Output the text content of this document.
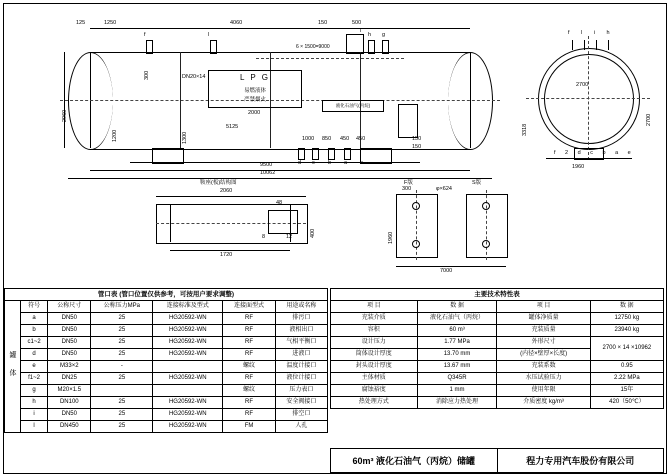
L P G
易燃液体
严禁烟火
液化石油气(丙烷)
6 × 1500=9000
1250	4060	500
150
125
f	l
i
h g
d c b a e
2960
300
1200	1300
DN20×14
5125
2000
9500
10062
1000 850 450 450	150
150
f l i h
f 2 d c b a e
3318
2700
1960
2700
鞍座(板)结构图
2060
1720
400
48
8	12
F版	S版
300	φ×624
1960
7000
管口表 (管口位置仅供参考，可按用户要求调整)						
罐 体	符号	公称尺寸	公称压力MPa	连接标准及型式	连接面型式	用途或名称
	a	DN50	25	HG20592-WN	RF	排污口
	b	DN50	25	HG20592-WN	RF	液相出口
	c1~2	DN50	25	HG20592-WN	RF	气相平衡口
	d	DN50	25	HG20592-WN	RF	进液口
	e	M33×2	-		螺纹	温度计接口
	f1~2	DN25	25	HG20592-WN	RF	液位计接口
	g	M20×1.5			螺纹	压力表口
	h	DN100	25	HG20592-WN	RF	安全阀接口
	i	DN50	25	HG20592-WN	RF	排空口
	l	DN450	25	HG20592-WN	FM	人孔
主要技术特性表			
项 目	数 据	项 目	数 据
充装介质	液化石油气（丙烷）	罐体净质量	12750 kg
容积	60 m³	充装质量	23940 kg
设计压力	1.77 MPa	外形尺寸	2700 × 14 ×10962
筒体设计厚度	13.70 mm	(内径×壁厚×长度)	
封头设计厚度	13.67 mm	充装系数	0.95
主体材质	Q345R	水压试验压力	2.22 MPa
腐蚀裕度	1 mm	使用年限	15年
热处理方式	消除应力热处理	介质密度 kg/m³	420（50℃）
60m³ 液化石油气（丙烷）储罐	程力专用汽车股份有限公司
